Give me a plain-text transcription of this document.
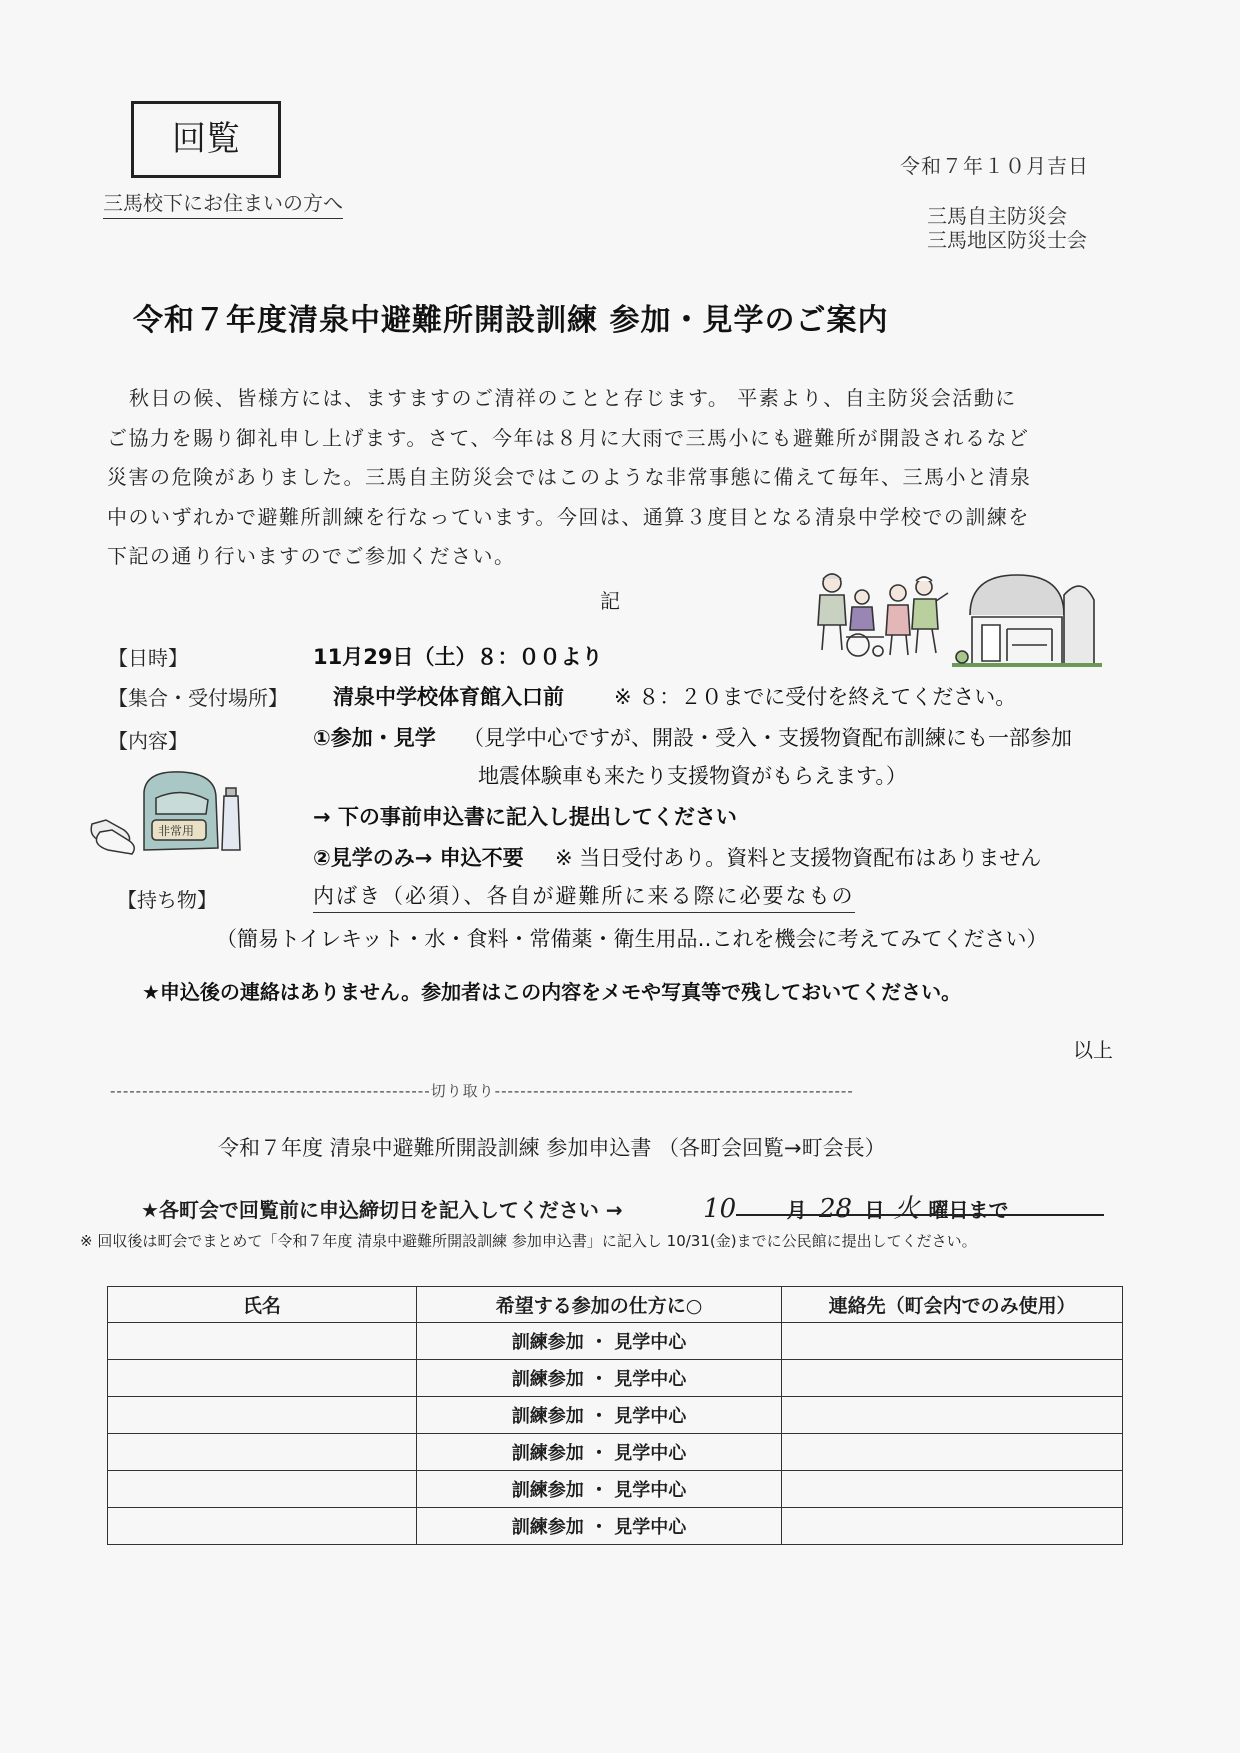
回覧
三馬校下にお住まいの方へ
令和７年１０月吉日
三馬自主防災会
三馬地区防災士会
令和７年度清泉中避難所開設訓練 参加・見学のご案内

秋日の候、皆様方には、ますますのご清祥のことと存じます。 平素より、自主防災会活動に

ご協力を賜り御礼申し上げます。さて、今年は８月に大雨で三馬小にも避難所が開設されるなど

災害の危険がありました。三馬自主防災会ではこのような非常事態に備えて毎年、三馬小と清泉

中のいずれかで避難所訓練を行なっています。今回は、通算３度目となる清泉中学校での訓練を

下記の通り行いますのでご参加ください。

記
【日時】	11月29日（土）８：００より
【集合・受付場所】 清泉中学校体育館入口前 ※ ８：２０までに受付を終えてください。
【内容】	①参加・見学 （見学中心ですが、開設・受入・支援物資配布訓練にも一部参加
地震体験車も来たり支援物資がもらえます。）
→ 下の事前申込書に記入し提出してください
②見学のみ→ 申込不要 ※ 当日受付あり。資料と支援物資配布はありません
非常用
【持ち物】	内ばき（必須）、各自が避難所に来る際に必要なもの
（簡易トイレキット・水・食料・常備薬・衛生用品‥これを機会に考えてみてください）
★申込後の連絡はありません。参加者はこの内容をメモや写真等で残しておいてください。
以上
--------------------------------------------------切り取り--------------------------------------------------------
令和７年度 清泉中避難所開設訓練 参加申込書 （各町会回覧→町会長）
★各町会で回覧前に申込締切日を記入してください →	10	月 28 日 火 曜日まで
※ 回収後は町会でまとめて「令和７年度 清泉中避難所開設訓練 参加申込書」に記入し 10/31(金)までに公民館に提出してください。
氏名	希望する参加の仕方に○	連絡先（町会内でのみ使用）
	訓練参加 ・ 見学中心	
	訓練参加 ・ 見学中心	
	訓練参加 ・ 見学中心	
	訓練参加 ・ 見学中心	
	訓練参加 ・ 見学中心	
	訓練参加 ・ 見学中心	
